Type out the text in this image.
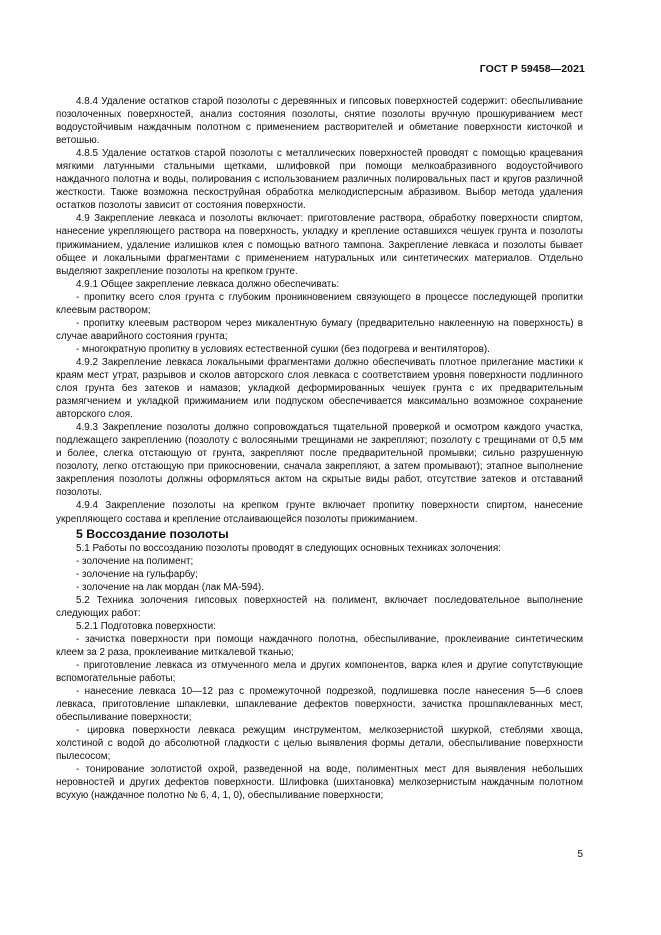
ГОСТ Р 59458—2021

4.8.4 Удаление остатков старой позолоты с деревянных и гипсовых поверхностей содержит: обеспыливание позолоченных поверхностей, анализ состояния позолоты, снятие позолоты вручную прошкуриванием мест водоустойчивым наждачным полотном с применением растворителей и обметание поверхности кисточкой и ветошью.

4.8.5 Удаление остатков старой позолоты с металлических поверхностей проводят с помощью крацевания мягкими латунными стальными щетками, шлифовкой при помощи мелкоабразивного водоустойчивого наждачного полотна и воды, полирования с использованием различных полировальных паст и кругов различной жесткости. Также возможна пескоструйная обработка мелкодисперсным абразивом. Выбор метода удаления остатков позолоты зависит от состояния поверхности.

4.9 Закрепление левкаса и позолоты включает: приготовление раствора, обработку поверхности спиртом, нанесение укрепляющего раствора на поверхность, укладку и крепление оставшихся чешуек грунта и позолоты прижиманием, удаление излишков клея с помощью ватного тампона. Закрепление левкаса и позолоты бывает общее и локальными фрагментами с применением натуральных или синтетических материалов. Отдельно выделяют закрепление позолоты на крепком грунте.

4.9.1 Общее закрепление левкаса должно обеспечивать:

- пропитку всего слоя грунта с глубоким проникновением связующего в процессе последующей пропитки клеевым раствором;

- пропитку клеевым раствором через микалентную бумагу (предварительно наклеенную на поверхность) в случае аварийного состояния грунта;

- многократную пропитку в условиях естественной сушки (без подогрева и вентиляторов).

4.9.2 Закрепление левкаса локальными фрагментами должно обеспечивать плотное прилегание мастики к краям мест утрат, разрывов и сколов авторского слоя левкаса с соответствием уровня поверхности подлинного слоя грунта без затеков и намазов; укладкой деформированных чешуек грунта с их предварительным размягчением и укладкой прижиманием или подпуском обеспечивается максимально возможное сохранение авторского слоя.

4.9.3 Закрепление позолоты должно сопровождаться тщательной проверкой и осмотром каждого участка, подлежащего закреплению (позолоту с волосяными трещинами не закрепляют; позолоту с трещинами от 0,5 мм и более, слегка отстающую от грунта, закрепляют после предварительной промывки; сильно разрушенную позолоту, легко отстающую при прикосновении, сначала закрепляют, а затем промывают); этапное выполнение закрепления позолоты должны оформляться актом на скрытые виды работ, отсутствие затеков и отставаний позолоты.

4.9.4 Закрепление позолоты на крепком грунте включает пропитку поверхности спиртом, нанесение укрепляющего состава и крепление отслаивающейся позолоты прижиманием.

5 Воссоздание позолоты

5.1 Работы по воссозданию позолоты проводят в следующих основных техниках золочения:

- золочение на полимент;

- золочение на гульфарбу;

- золочение на лак мордан (лак МА-594).

5.2 Техника золочения гипсовых поверхностей на полимент, включает последовательное выполнение следующих работ:

5.2.1 Подготовка поверхности:

- зачистка поверхности при помощи наждачного полотна, обеспыливание, проклеивание синтетическим клеем за 2 раза, проклеивание миткалевой тканью;

- приготовление левкаса из отмученного мела и других компонентов, варка клея и другие сопутствующие вспомогательные работы;

- нанесение левкаса 10—12 раз с промежуточной подрезкой, подлишевка после нанесения 5—6 слоев левкаса, приготовление шпаклевки, шпаклевание дефектов поверхности, зачистка прошпаклеванных мест, обеспыливание поверхности;

- цировка поверхности левкаса режущим инструментом, мелкозернистой шкуркой, стеблями хвоща, холстиной с водой до абсолютной гладкости с целью выявления формы детали, обеспыливание поверхности пылесосом;

- тонирование золотистой охрой, разведенной на воде, полиментных мест для выявления небольших неровностей и других дефектов поверхности. Шлифовка (шихтановка) мелкозернистым наждачным полотном всухую (наждачное полотно № 6, 4, 1, 0), обеспыливание поверхности;

5
